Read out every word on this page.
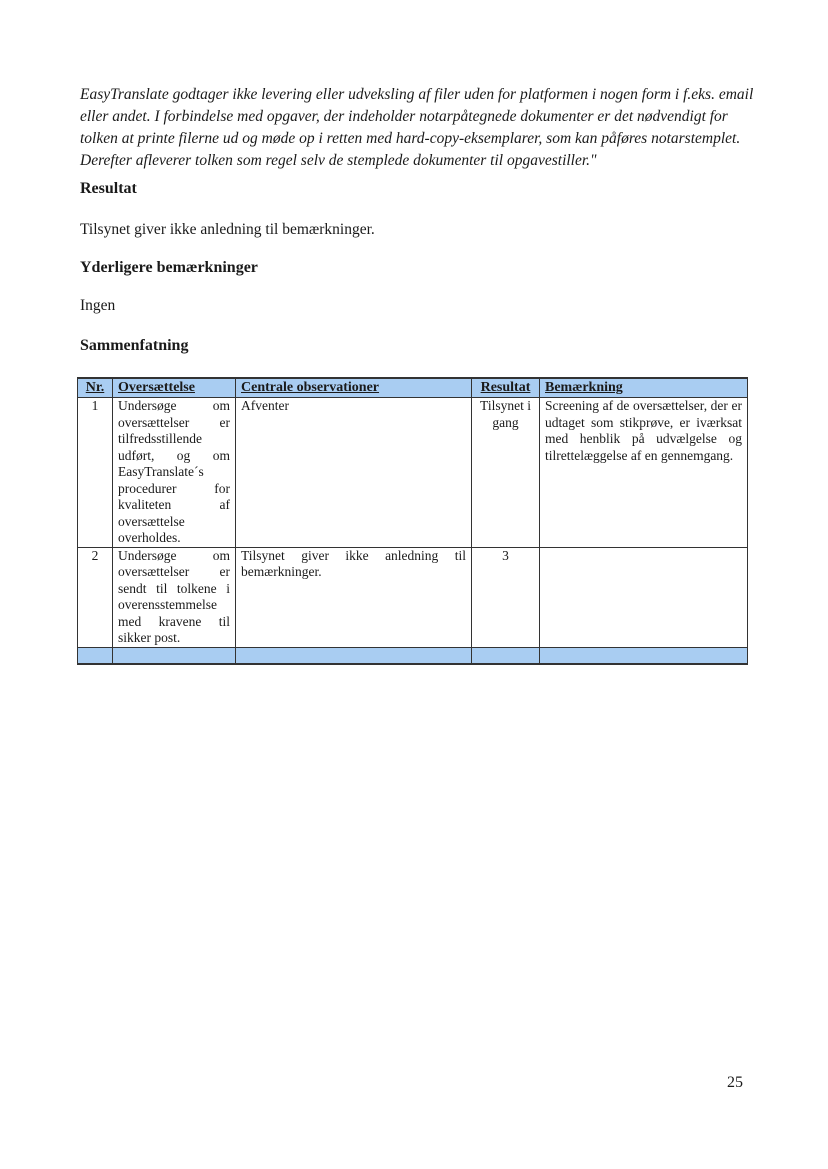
EasyTranslate godtager ikke levering eller udveksling af filer uden for platformen i nogen form i f.eks. email eller andet. I forbindelse med opgaver, der indeholder notarpåtegnede dokumenter er det nødvendigt for tolken at printe filerne ud og møde op i retten med hard-copy-eksemplarer, som kan påføres notarstemplet. Derefter afleverer tolken som regel selv de stemplede dokumenter til opgavestiller."

Resultat

Tilsynet giver ikke anledning til bemærkninger.

Yderligere bemærkninger

Ingen

Sammenfatning
Nr.	Oversættelse	Centrale observationer	Resultat	Bemærkning
1	Undersøge om oversættelser er tilfredsstillende udført, og om EasyTranslate´s procedurer for kvaliteten af oversættelse overholdes.	Afventer	Tilsynet i gang	Screening af de oversættelser, der er udtaget som stikprøve, er iværksat med henblik på udvælgelse og tilrettelæggelse af en gennemgang.
2	Undersøge om oversættelser er sendt til tolkene i overensstemmelse med kravene til sikker post.	Tilsynet giver ikke anledning til bemærkninger.	3	

25
